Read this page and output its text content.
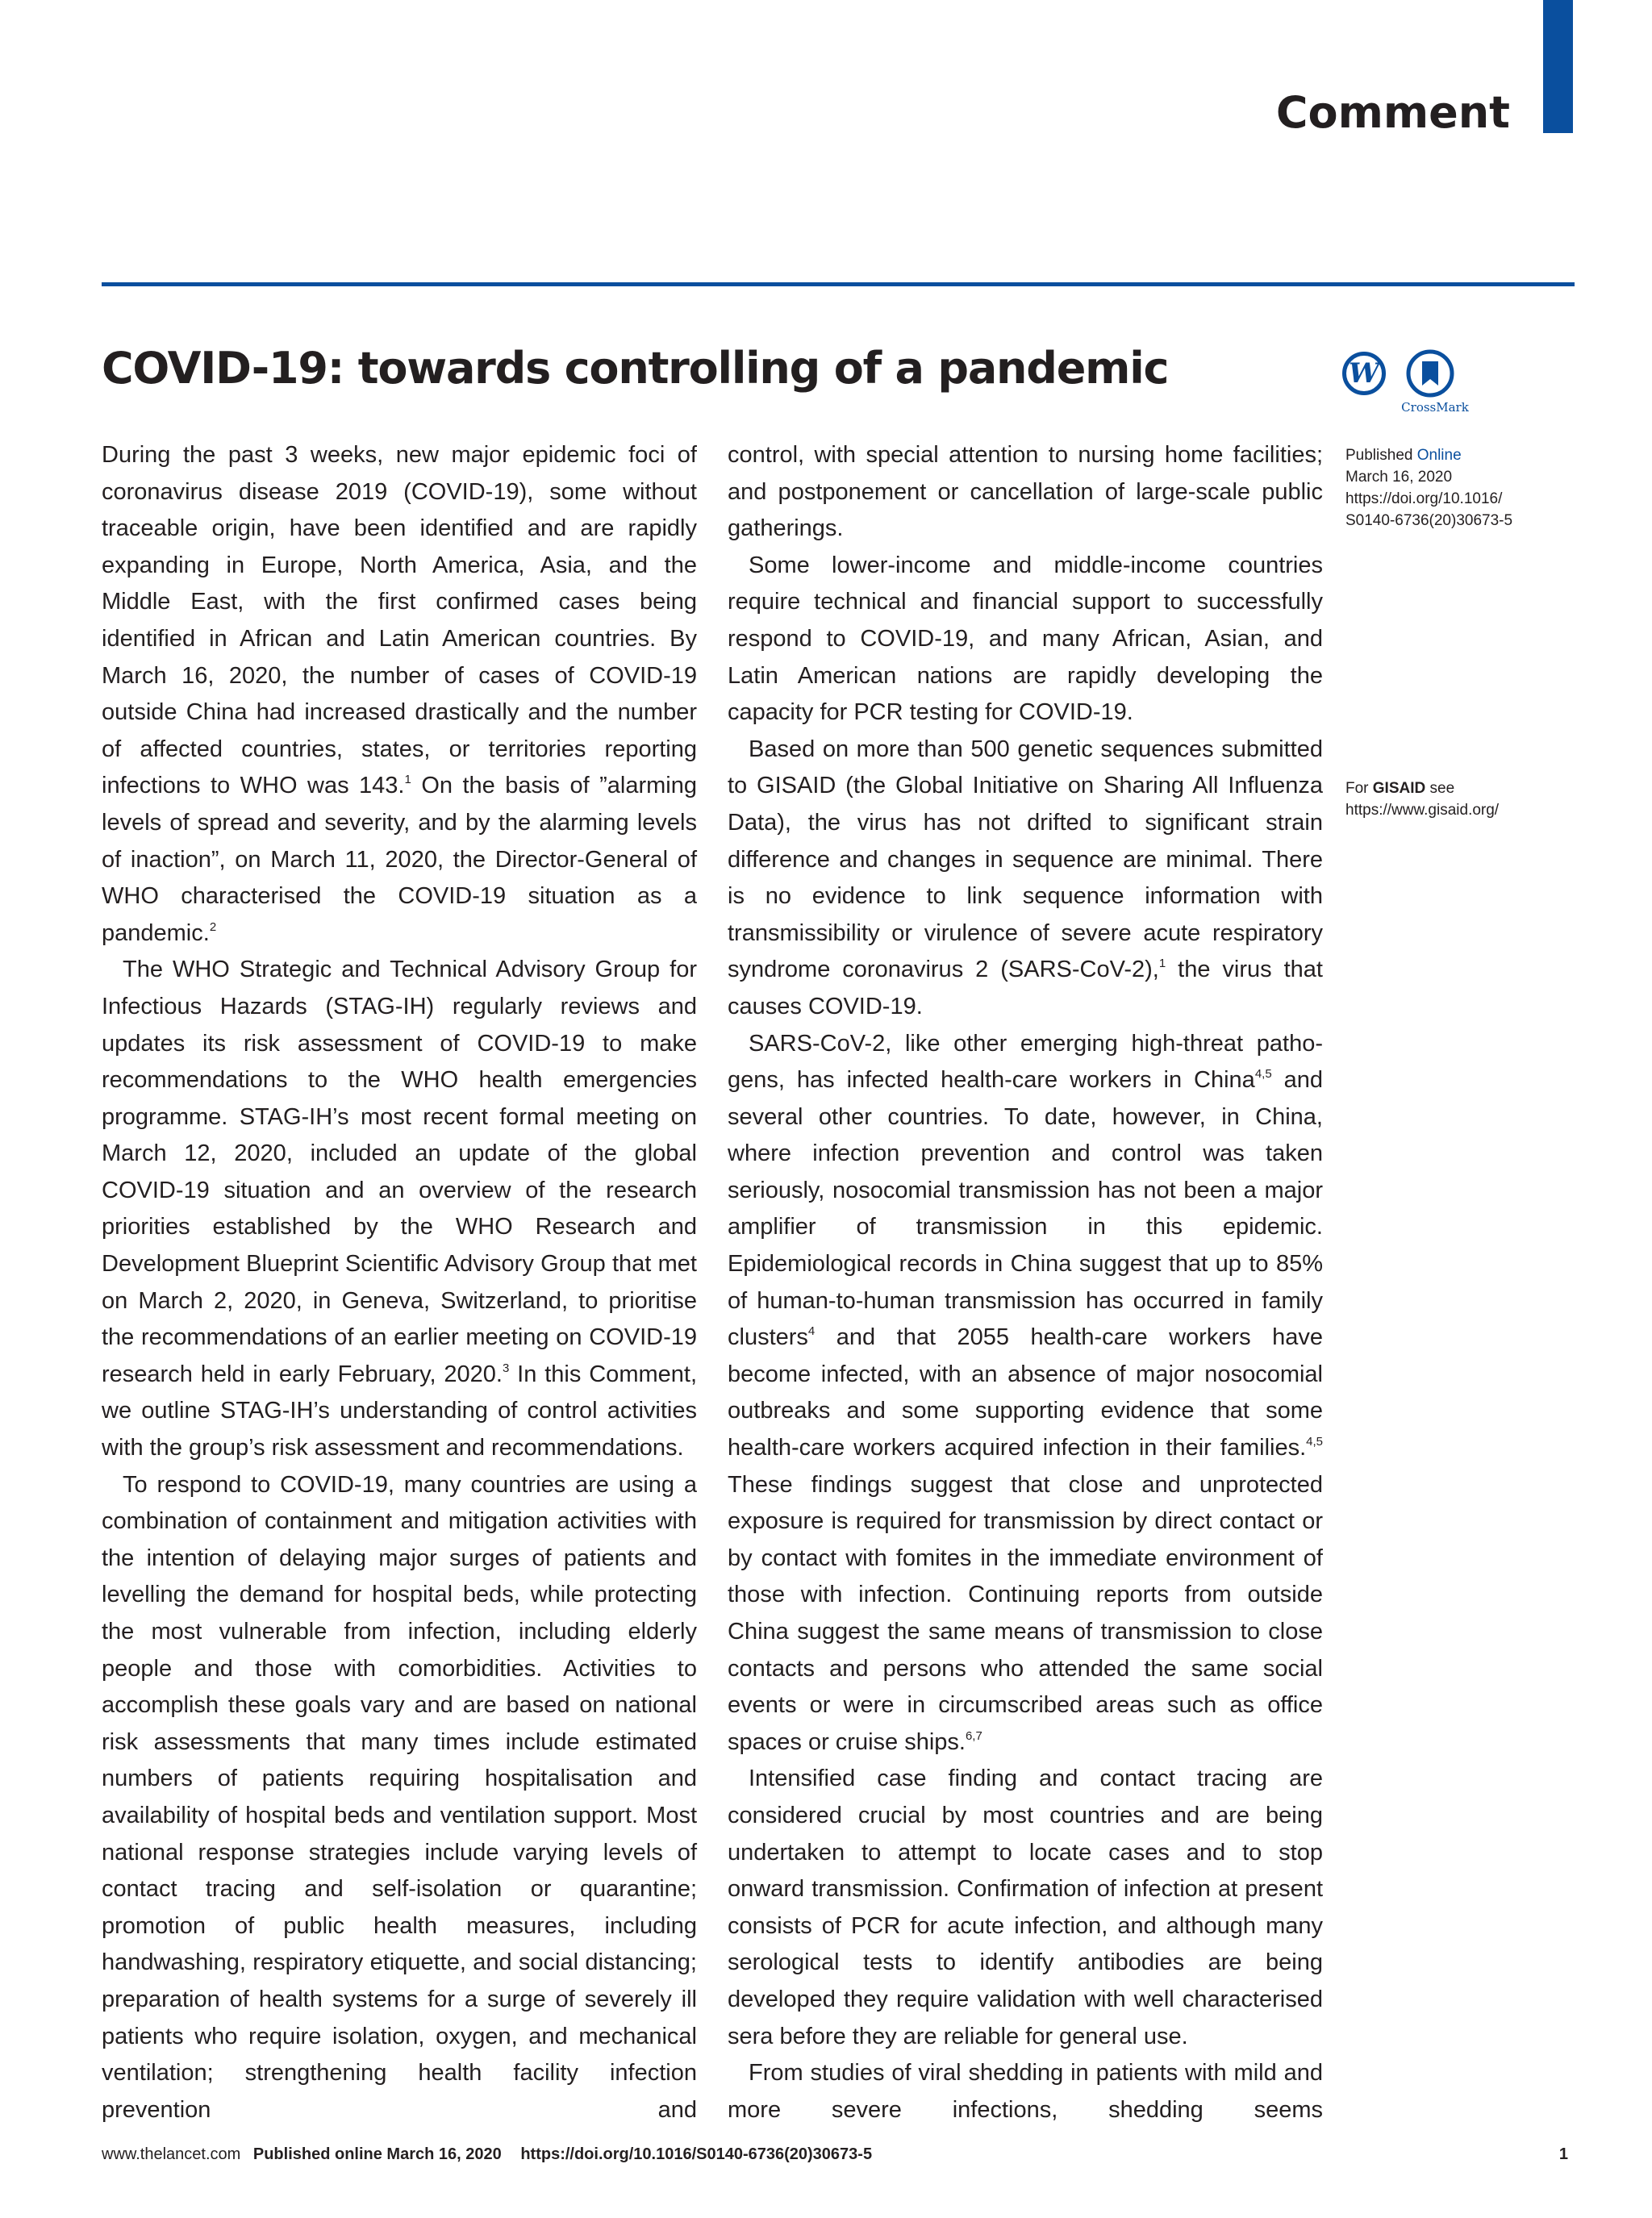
Comment
COVID-19: towards controlling of a pandemic	W
CrossMark
Published Online
March 16, 2020
https://doi.org/10.1016/
S0140-6736(20)30673-5
For GISAID see https://www.gisaid.org/

During the past 3 weeks, new major epidemic foci of coronavirus disease 2019 (COVID-19), some without traceable origin, have been identified and are rapidly expanding in Europe, North America, Asia, and the Middle East, with the first confirmed cases being identified in African and Latin American countries. By March 16, 2020, the number of cases of COVID-19 outside China had increased drastically and the number of affected countries, states, or territories reporting infections to WHO was 143.$^1$ On the basis of ”alarming levels of spread and severity, and by the alarming levels of inaction”, on March 11, 2020, the Director-General of WHO characterised the COVID-19 situation as a pandemic.$^2$

The WHO Strategic and Technical Advisory Group for Infectious Hazards (STAG-IH) regularly reviews and updates its risk assessment of COVID-19 to make recommendations to the WHO health emergencies programme. STAG-IH’s most recent formal meeting on March 12, 2020, included an update of the global COVID-19 situation and an overview of the research priorities established by the WHO Research and Development Blueprint Scientific Advisory Group that met on March 2, 2020, in Geneva, Switzerland, to prioritise the recommendations of an earlier meeting on COVID-19 research held in early February, 2020.$^3$ In this Comment, we outline STAG-IH’s understanding of control activities with the group’s risk assessment and recommendations.

To respond to COVID-19, many countries are using a combination of containment and mitigation activities with the intention of delaying major surges of patients and levelling the demand for hospital beds, while protecting the most vulnerable from infection, including elderly people and those with comorbidities. Activities to accomplish these goals vary and are based on national risk assessments that many times include estimated numbers of patients requiring hospitalisation and availability of hospital beds and ventilation support. Most national response strategies include varying levels of contact tracing and self-isolation or quarantine; promotion of public health measures, including handwashing, respiratory etiquette, and social distancing; preparation of health systems for a surge of severely ill patients who require isolation, oxygen, and mechanical ventilation; strengthening health facility infection prevention and

control, with special attention to nursing home facilities; and postponement or cancellation of large-scale public gatherings.

Some lower-income and middle-income countries require technical and financial support to successfully respond to COVID-19, and many African, Asian, and Latin American nations are rapidly developing the capacity for PCR testing for COVID-19.

Based on more than 500 genetic sequences submitted to GISAID (the Global Initiative on Sharing All Influenza Data), the virus has not drifted to significant strain difference and changes in sequence are minimal. There is no evidence to link sequence information with transmissibility or virulence of severe acute respiratory syndrome coronavirus 2 (SARS-CoV-2),$^1$ the virus that causes COVID-19.

SARS-CoV-2, like other emerging high-threat pathogens, has infected health-care workers in China$^{4,5}$ and several other countries. To date, however, in China, where infection prevention and control was taken seriously, nosocomial transmission has not been a major amplifier of transmission in this epidemic. Epidemiological records in China suggest that up to 85% of human-to-human transmission has occurred in family clusters$^4$ and that 2055 health-care workers have become infected, with an absence of major nosocomial outbreaks and some supporting evidence that some health-care workers acquired infection in their families.$^{4,5}$ These findings suggest that close and unprotected exposure is required for transmission by direct contact or by contact with fomites in the immediate environment of those with infection. Continuing reports from outside China suggest the same means of transmission to close contacts and persons who attended the same social events or were in circumscribed areas such as office spaces or cruise ships.$^{6,7}$

Intensified case finding and contact tracing are considered crucial by most countries and are being undertaken to attempt to locate cases and to stop onward transmission. Confirmation of infection at present consists of PCR for acute infection, and although many serological tests to identify antibodies are being developed they require validation with well characterised sera before they are reliable for general use.

From studies of viral shedding in patients with mild and more severe infections, shedding seems

www.thelancet.com Published online March 16, 2020 https://doi.org/10.1016/S0140-6736(20)30673-5	1
